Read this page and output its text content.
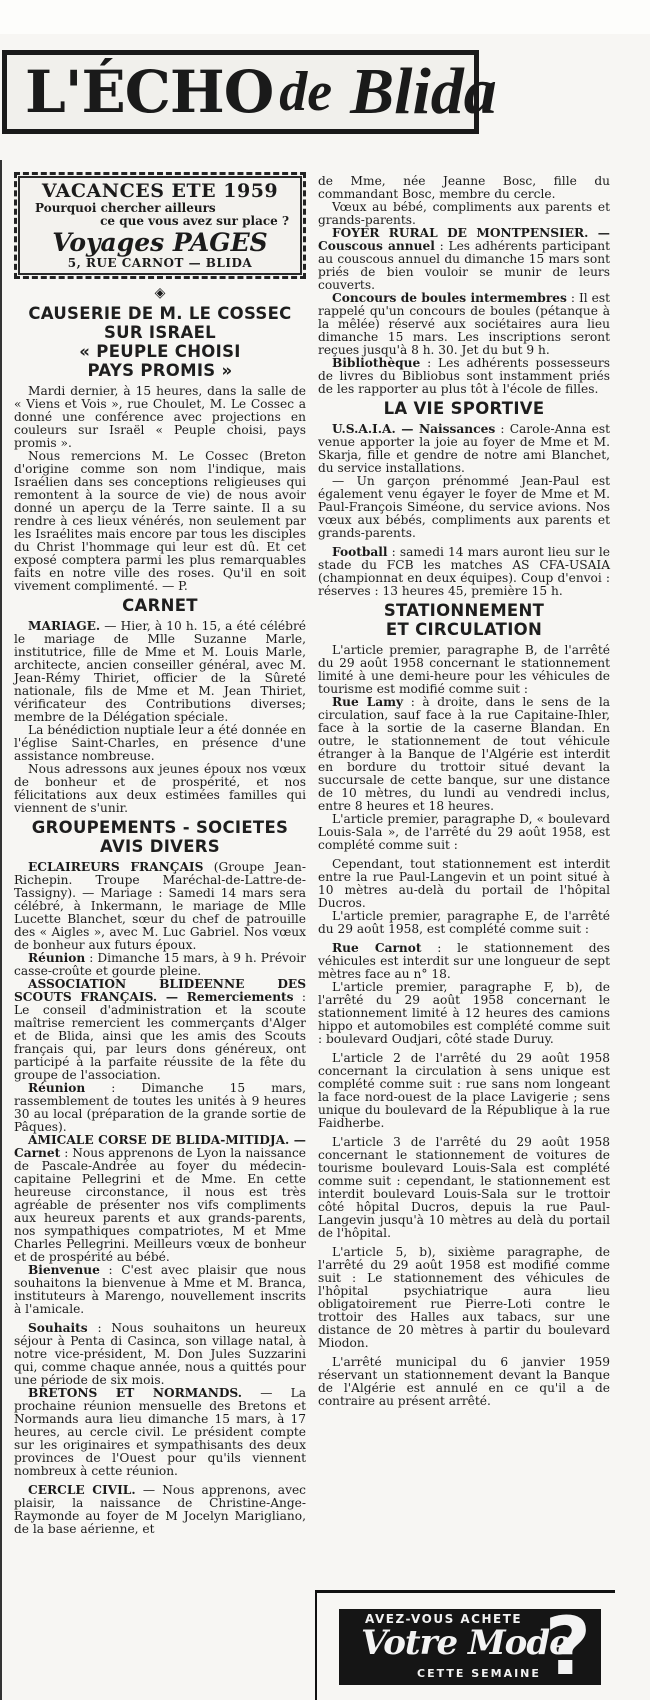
L'ÉCHO de Blida
VACANCES ETE 1959
Pourquoi chercher ailleurs
ce que vous avez sur place ?
Voyages PAGES
5, RUE CARNOT — BLIDA
◈
CAUSERIE DE M. LE COSSEC
SUR ISRAEL
« PEUPLE CHOISI
PAYS PROMIS »

Mardi dernier, à 15 heures, dans la salle de « Viens et Vois », rue Choulet, M. Le Cossec a donné une conférence avec projections en couleurs sur Israël « Peuple choisi, pays promis ».

Nous remercions M. Le Cossec (Breton d'origine comme son nom l'indique, mais Israélien dans ses conceptions religieuses qui remontent à la source de vie) de nous avoir donné un aperçu de la Terre sainte. Il a su rendre à ces lieux vénérés, non seulement par les Israélites mais encore par tous les disciples du Christ l'hommage qui leur est dû. Et cet exposé comptera parmi les plus remarquables faits en notre ville des roses. Qu'il en soit vivement complimenté. — P.

CARNET

MARIAGE. — Hier, à 10 h. 15, a été célébré le mariage de Mlle Suzanne Marle, institutrice, fille de Mme et M. Louis Marle, architecte, ancien conseiller général, avec M. Jean-Rémy Thiriet, officier de la Sûreté nationale, fils de Mme et M. Jean Thiriet, vérificateur des Contributions diverses; membre de la Délégation spéciale.

La bénédiction nuptiale leur a été donnée en l'église Saint-Charles, en présence d'une assistance nombreuse.

Nous adressons aux jeunes époux nos vœux de bonheur et de prospérité, et nos félicitations aux deux estimées familles qui viennent de s'unir.

GROUPEMENTS - SOCIETES
AVIS DIVERS

ECLAIREURS FRANÇAIS (Groupe Jean-Richepin. Troupe Maréchal-de-Lattre-de-Tassigny). — Mariage : Samedi 14 mars sera célébré, à Inkermann, le mariage de Mlle Lucette Blanchet, sœur du chef de patrouille des « Aigles », avec M. Luc Gabriel. Nos vœux de bonheur aux futurs époux.

Réunion : Dimanche 15 mars, à 9 h. Prévoir casse-croûte et gourde pleine.

ASSOCIATION BLIDEENNE DES SCOUTS FRANÇAIS. — Remerciements : Le conseil d'administration et la scoute maîtrise remercient les commerçants d'Alger et de Blida, ainsi que les amis des Scouts français qui, par leurs dons généreux, ont participé à la parfaite réussite de la fête du groupe de l'association.

Réunion : Dimanche 15 mars, rassemblement de toutes les unités à 9 heures 30 au local (préparation de la grande sortie de Pâques).

AMICALE CORSE DE BLIDA-MITIDJA. — Carnet : Nous apprenons de Lyon la naissance de Pascale-Andrée au foyer du médecin-capitaine Pellegrini et de Mme. En cette heureuse circonstance, il nous est très agréable de présenter nos vifs compliments aux heureux parents et aux grands-parents, nos sympathiques compatriotes, M et Mme Charles Pellegrini. Meilleurs vœux de bonheur et de prospérité au bébé.

Bienvenue : C'est avec plaisir que nous souhaitons la bienvenue à Mme et M. Branca, instituteurs à Marengo, nouvellement inscrits à l'amicale.

Souhaits : Nous souhaitons un heureux séjour à Penta di Casinca, son village natal, à notre vice-président, M. Don Jules Suzzarini qui, comme chaque année, nous a quittés pour une période de six mois.

BRETONS ET NORMANDS. — La prochaine réunion mensuelle des Bretons et Normands aura lieu dimanche 15 mars, à 17 heures, au cercle civil. Le président compte sur les originaires et sympathisants des deux provinces de l'Ouest pour qu'ils viennent nombreux à cette réunion.

CERCLE CIVIL. — Nous apprenons, avec plaisir, la naissance de Christine-Ange-Raymonde au foyer de M Jocelyn Marigliano, de la base aérienne, et

de Mme, née Jeanne Bosc, fille du commandant Bosc, membre du cercle.

Vœux au bébé, compliments aux parents et grands-parents.

FOYER RURAL DE MONTPENSIER. — Couscous annuel : Les adhérents participant au couscous annuel du dimanche 15 mars sont priés de bien vouloir se munir de leurs couverts.

Concours de boules intermembres : Il est rappelé qu'un concours de boules (pétanque à la mêlée) réservé aux sociétaires aura lieu dimanche 15 mars. Les inscriptions seront reçues jusqu'à 8 h. 30. Jet du but 9 h.

Bibliothèque : Les adhérents possesseurs de livres du Bibliobus sont instamment priés de les rapporter au plus tôt à l'école de filles.

LA VIE SPORTIVE

U.S.A.I.A. — Naissances : Carole-Anna est venue apporter la joie au foyer de Mme et M. Skarja, fille et gendre de notre ami Blanchet, du service installations.

— Un garçon prénommé Jean-Paul est également venu égayer le foyer de Mme et M. Paul-François Siméone, du service avions. Nos vœux aux bébés, compliments aux parents et grands-parents.

Football : samedi 14 mars auront lieu sur le stade du FCB les matches AS CFA-USAIA (championnat en deux équipes). Coup d'envoi : réserves : 13 heures 45, première 15 h.

STATIONNEMENT
ET CIRCULATION

L'article premier, paragraphe B, de l'arrêté du 29 août 1958 concernant le stationnement limité à une demi-heure pour les véhicules de tourisme est modifié comme suit :

Rue Lamy : à droite, dans le sens de la circulation, sauf face à la rue Capitaine-Ihler, face à la sortie de la caserne Blandan. En outre, le stationnement de tout véhicule étranger à la Banque de l'Algérie est interdit en bordure du trottoir situé devant la succursale de cette banque, sur une distance de 10 mètres, du lundi au vendredi inclus, entre 8 heures et 18 heures.

L'article premier, paragraphe D, « boulevard Louis-Sala », de l'arrêté du 29 août 1958, est complété comme suit :

Cependant, tout stationnement est interdit entre la rue Paul-Langevin et un point situé à 10 mètres au-delà du portail de l'hôpital Ducros.

L'article premier, paragraphe E, de l'arrêté du 29 août 1958, est complété comme suit :

Rue Carnot : le stationnement des véhicules est interdit sur une longueur de sept mètres face au n° 18.

L'article premier, paragraphe F, b), de l'arrêté du 29 août 1958 concernant le stationnement limité à 12 heures des camions hippo et automobiles est complété comme suit : boulevard Oudjari, côté stade Duruy.

L'article 2 de l'arrêté du 29 août 1958 concernant la circulation à sens unique est complété comme suit : rue sans nom longeant la face nord-ouest de la place Lavigerie ; sens unique du boulevard de la République à la rue Faidherbe.

L'article 3 de l'arrêté du 29 août 1958 concernant le stationnement de voitures de tourisme boulevard Louis-Sala est complété comme suit : cependant, le stationnement est interdit boulevard Louis-Sala sur le trottoir côté hôpital Ducros, depuis la rue Paul-Langevin jusqu'à 10 mètres au delà du portail de l'hôpital.

L'article 5, b), sixième paragraphe, de l'arrêté du 29 août 1958 est modifié comme suit : Le stationnement des véhicules de l'hôpital psychiatrique aura lieu obligatoirement rue Pierre-Loti contre le trottoir des Halles aux tabacs, sur une distance de 20 mètres à partir du boulevard Miodon.

L'arrêté municipal du 6 janvier 1959 réservant un stationnement devant la Banque de l'Algérie est annulé en ce qu'il a de contraire au présent arrêté.

AVEZ-VOUS ACHETE
Votre Mode
CETTE SEMAINE ?
